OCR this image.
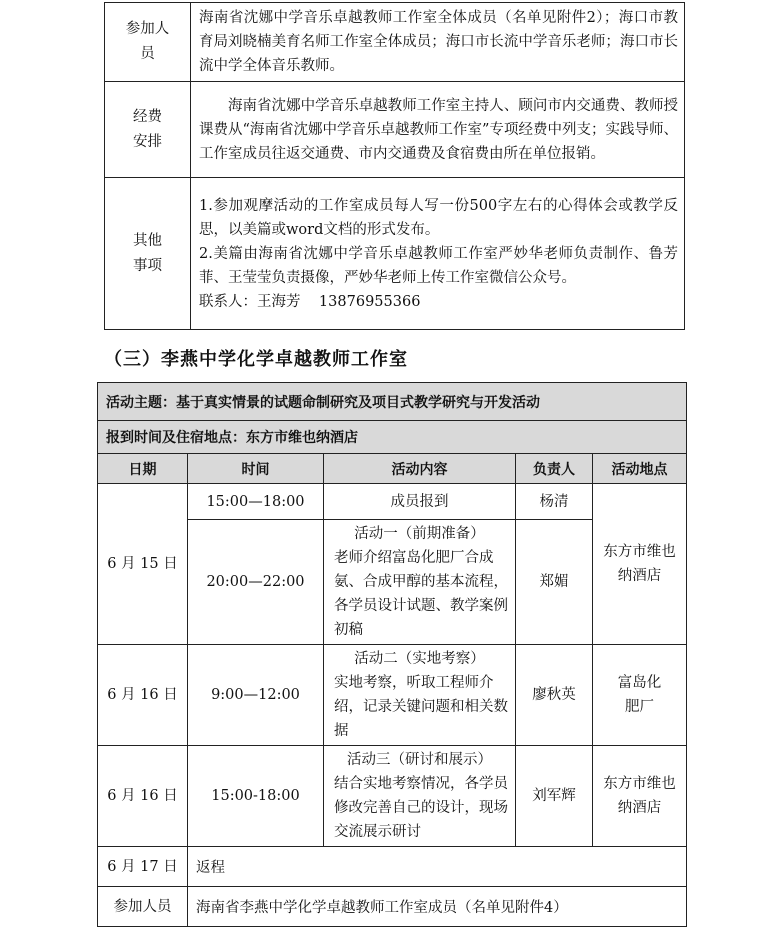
参加人员	海南省沈娜中学音乐卓越教师工作室全体成员（名单见附件2）；海口市教育局刘晓楠美育名师工作室全体成员；海口市长流中学音乐老师；海口市长流中学全体音乐教师。

经费安排	海南省沈娜中学音乐卓越教师工作室主持人、顾问市内交通费、教师授课费从“海南省沈娜中学音乐卓越教师工作室”专项经费中列支；实践导师、工作室成员往返交通费、市内交通费及食宿费由所在单位报销。

其他事项	1.参加观摩活动的工作室成员每人写一份500字左右的心得体会或教学反思，以美篇或word文档的形式发布。

2.美篇由海南省沈娜中学音乐卓越教师工作室严妙华老师负责制作、鲁芳菲、王莹莹负责摄像，严妙华老师上传工作室微信公众号。

联系人：王海芳    13876955366

（三）李燕中学化学卓越教师工作室
活动主题：基于真实情景的试题命制研究及项目式教学研究与开发活动				
报到时间及住宿地点：东方市维也纳酒店				
日期	时间	活动内容	负责人	活动地点
6 月 15 日	15:00—18:00	成员报到	杨清	东方市维也纳酒店

	20:00—22:00	活动一（前期准备）
老师介绍富岛化肥厂合成氨、合成甲醇的基本流程，各学员设计试题、教学案例初稿	郑媚	
6 月 16 日	9:00—12:00	活动二（实地考察）
实地考察，听取工程师介绍，记录关键问题和相关数据	廖秋英	富岛化肥厂

6 月 16 日	15:00-18:00	活动三（研讨和展示）
结合实地考察情况，各学员修改完善自己的设计，现场交流展示研讨	刘军辉	东方市维也纳酒店

6 月 17 日	返程			
参加人员	海南省李燕中学化学卓越教师工作室成员（名单见附件4）			
